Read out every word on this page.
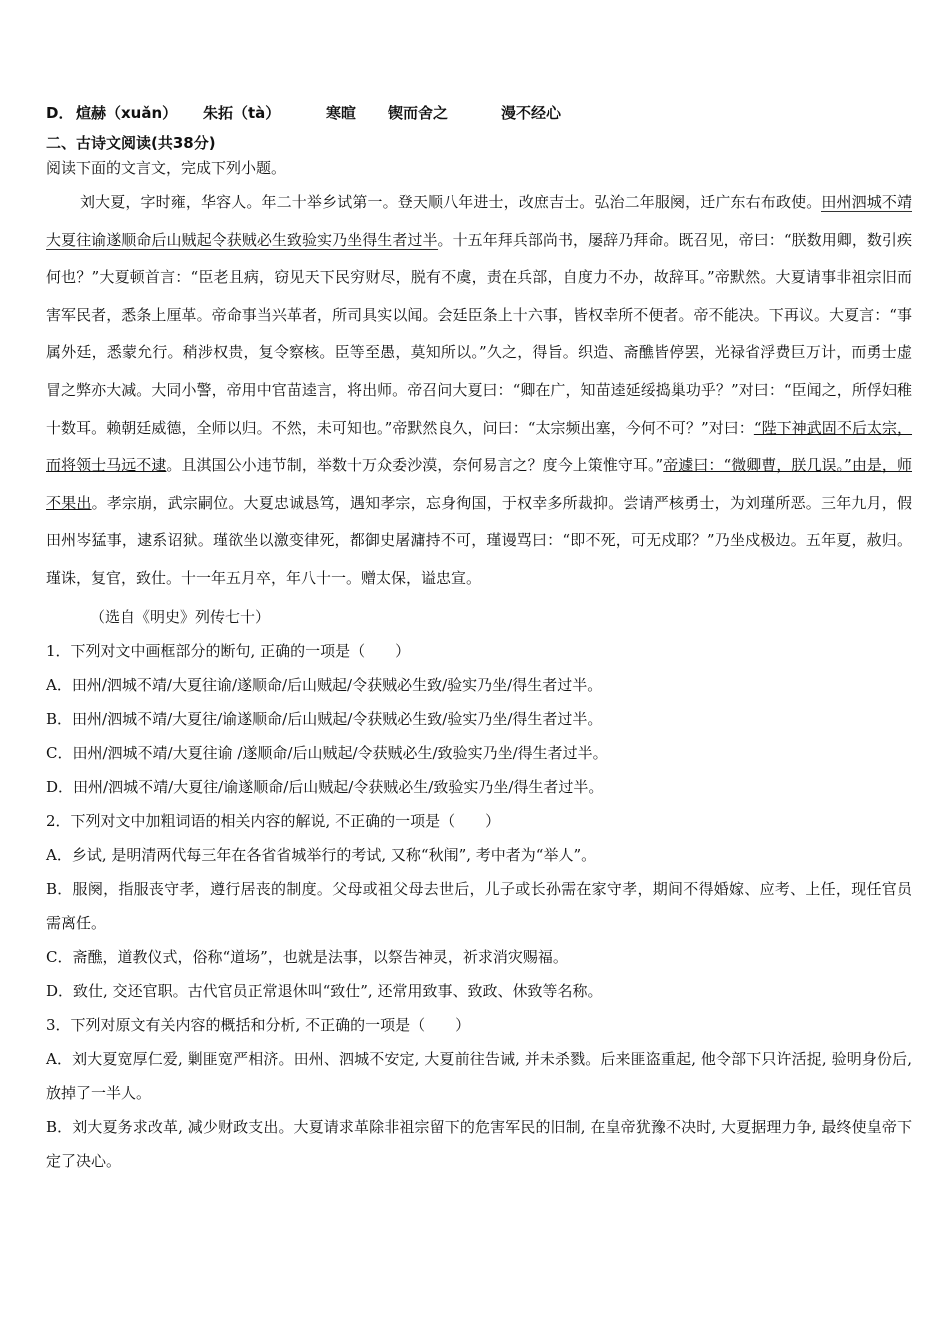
D． 煊赫（xuǎn） 朱拓（tà）	寒暄 锲而舍之	漫不经心
二、古诗文阅读(共38分)
阅读下面的文言文，完成下列小题。
刘大夏，字时雍，华容人。年二十举乡试第一。登天顺八年进士，改庶吉士。弘治二年服阕，迁广东右布政使。田州泗城不靖大夏往谕遂顺命后山贼起令获贼必生致验实乃坐得生者过半。十五年拜兵部尚书，屡辞乃拜命。既召见，帝曰：“朕数用卿，数引疾何也？”大夏顿首言：“臣老且病，窃见天下民穷财尽，脱有不虞，责在兵部，自度力不办，故辞耳。”帝默然。大夏请事非祖宗旧而害军民者，悉条上厘革。帝命事当兴革者，所司具实以闻。会廷臣条上十六事，皆权幸所不便者。帝不能决。下再议。大夏言：“事属外廷，悉蒙允行。稍涉权贵，复令察核。臣等至愚，莫知所以。”久之，得旨。织造、斋醮皆停罢，光禄省浮费巨万计，而勇士虚冒之弊亦大减。大同小警，帝用中官苗逵言，将出师。帝召问大夏曰：“卿在广，知苗逵延绥捣巢功乎？”对曰：“臣闻之，所俘妇稚十数耳。赖朝廷威德，全师以归。不然，未可知也。”帝默然良久，问曰：“太宗频出塞，今何不可？”对曰：“陛下神武固不后太宗，而将领士马远不逮。且淇国公小违节制，举数十万众委沙漠，奈何易言之？度今上策惟守耳。”帝遽曰：“微卿曹，朕几误。”由是，师不果出。孝宗崩，武宗嗣位。大夏忠诚恳笃，遇知孝宗，忘身徇国，于权幸多所裁抑。尝请严核勇士，为刘瑾所恶。三年九月，假田州岑猛事，逮系诏狱。瑾欲坐以激变律死，都御史屠滽持不可，瑾谩骂曰：“即不死，可无戍耶？”乃坐戍极边。五年夏，赦归。瑾诛，复官，致仕。十一年五月卒，年八十一。赠太保，谥忠宣。
（选自《明史》列传七十）
1．下列对文中画框部分的断句, 正确的一项是（　　）
A．田州/泗城不靖/大夏往谕/遂顺命/后山贼起/令获贼必生致/验实乃坐/得生者过半。
B．田州/泗城不靖/大夏往/谕遂顺命/后山贼起/令获贼必生致/验实乃坐/得生者过半。
C．田州/泗城不靖/大夏往谕 /遂顺命/后山贼起/令获贼必生/致验实乃坐/得生者过半。
D．田州/泗城不靖/大夏往/谕遂顺命/后山贼起/令获贼必生/致验实乃坐/得生者过半。
2．下列对文中加粗词语的相关内容的解说, 不正确的一项是（　　）
A．乡试, 是明清两代每三年在各省省城举行的考试, 又称“秋闱”, 考中者为“举人”。
B．服阕，指服丧守孝，遵行居丧的制度。父母或祖父母去世后，儿子或长孙需在家守孝，期间不得婚嫁、应考、上任，现任官员需离任。
C．斋醮，道教仪式，俗称“道场”，也就是法事，以祭告神灵，祈求消灾赐福。
D．致仕, 交还官职。古代官员正常退休叫“致仕”, 还常用致事、致政、休致等名称。
3．下列对原文有关内容的概括和分析, 不正确的一项是（　　）
A．刘大夏宽厚仁爱, 剿匪宽严相济。田州、泗城不安定, 大夏前往告诫, 并未杀戮。后来匪盗重起, 他令部下只许活捉, 验明身份后, 放掉了一半人。
B．刘大夏务求改革, 减少财政支出。大夏请求革除非祖宗留下的危害军民的旧制, 在皇帝犹豫不决时, 大夏据理力争, 最终使皇帝下定了决心。
